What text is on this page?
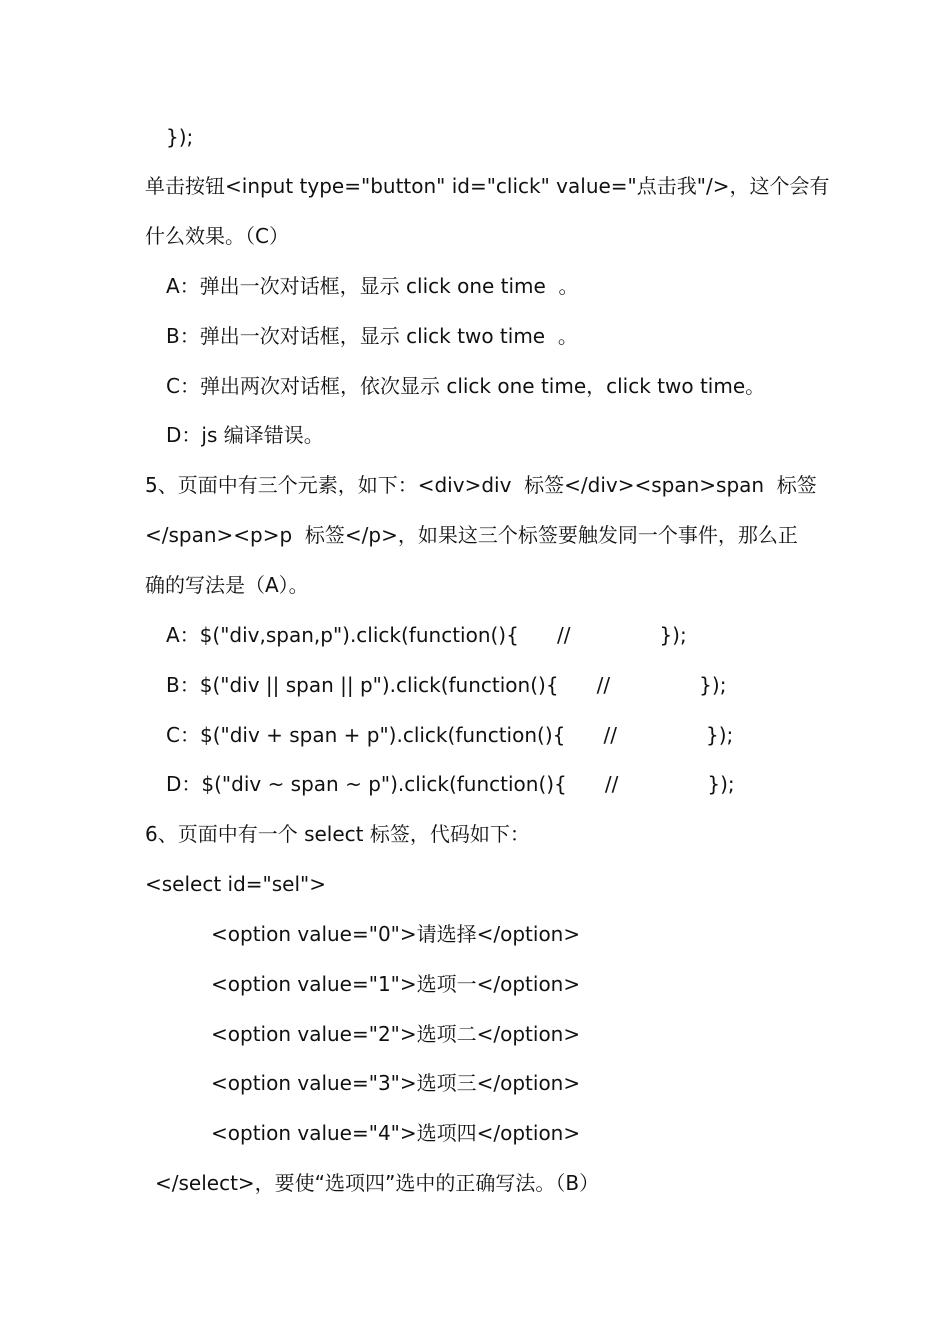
});
单击按钮<input type="button" id="click" value="点击我"/>，这个会有
什么效果。（C）
A：弹出一次对话框，显示 click one time  。
B：弹出一次对话框，显示 click two time  。
C：弹出两次对话框，依次显示 click one time，click two time。
D：js 编译错误。
5、页面中有三个元素，如下：<div>div  标签</div><span>span  标签
</span><p>p  标签</p>，如果这三个标签要触发同一个事件，那么正
确的写法是（A）。
A：$("div,span,p").click(function(){      //              });
B：$("div || span || p").click(function(){      //              });
C：$("div + span + p").click(function(){      //              });
D：$("div ~ span ~ p").click(function(){      //              });
6、页面中有一个 select 标签，代码如下：
<select id="sel">
<option value="0">请选择</option>
<option value="1">选项一</option>
<option value="2">选项二</option>
<option value="3">选项三</option>
<option value="4">选项四</option>
</select>，要使“选项四”选中的正确写法。（B）
